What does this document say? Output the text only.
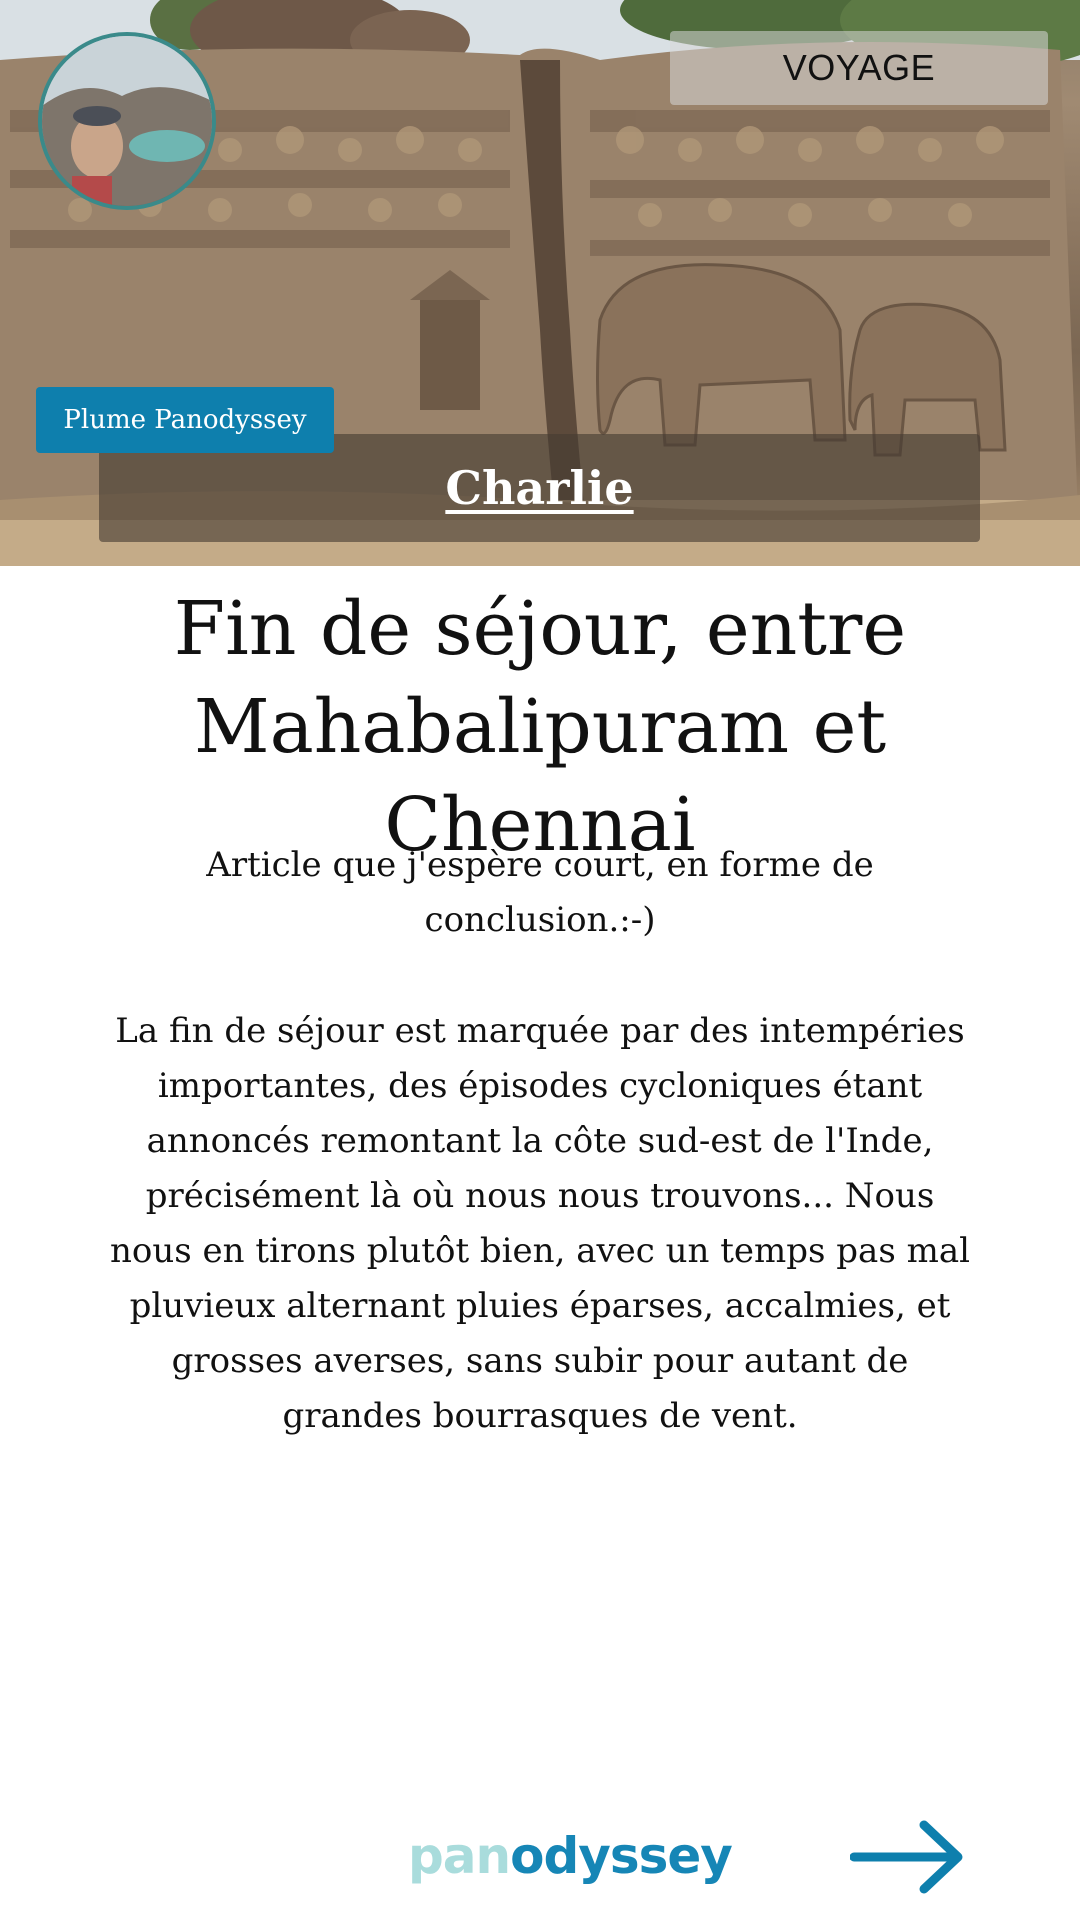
VOYAGE
Charlie
Plume Panodyssey
Fin de séjour, entre Mahabalipuram et Chennai

Article que j'espère court, en forme de conclusion.:-)

La fin de séjour est marquée par des intempéries importantes, des épisodes cycloniques étant annoncés remontant la côte sud-est de l'Inde, précisément là où nous nous trouvons... Nous nous en tirons plutôt bien, avec un temps pas mal pluvieux alternant pluies éparses, accalmies, et grosses averses, sans subir pour autant de grandes bourrasques de vent.

pan odyssey
